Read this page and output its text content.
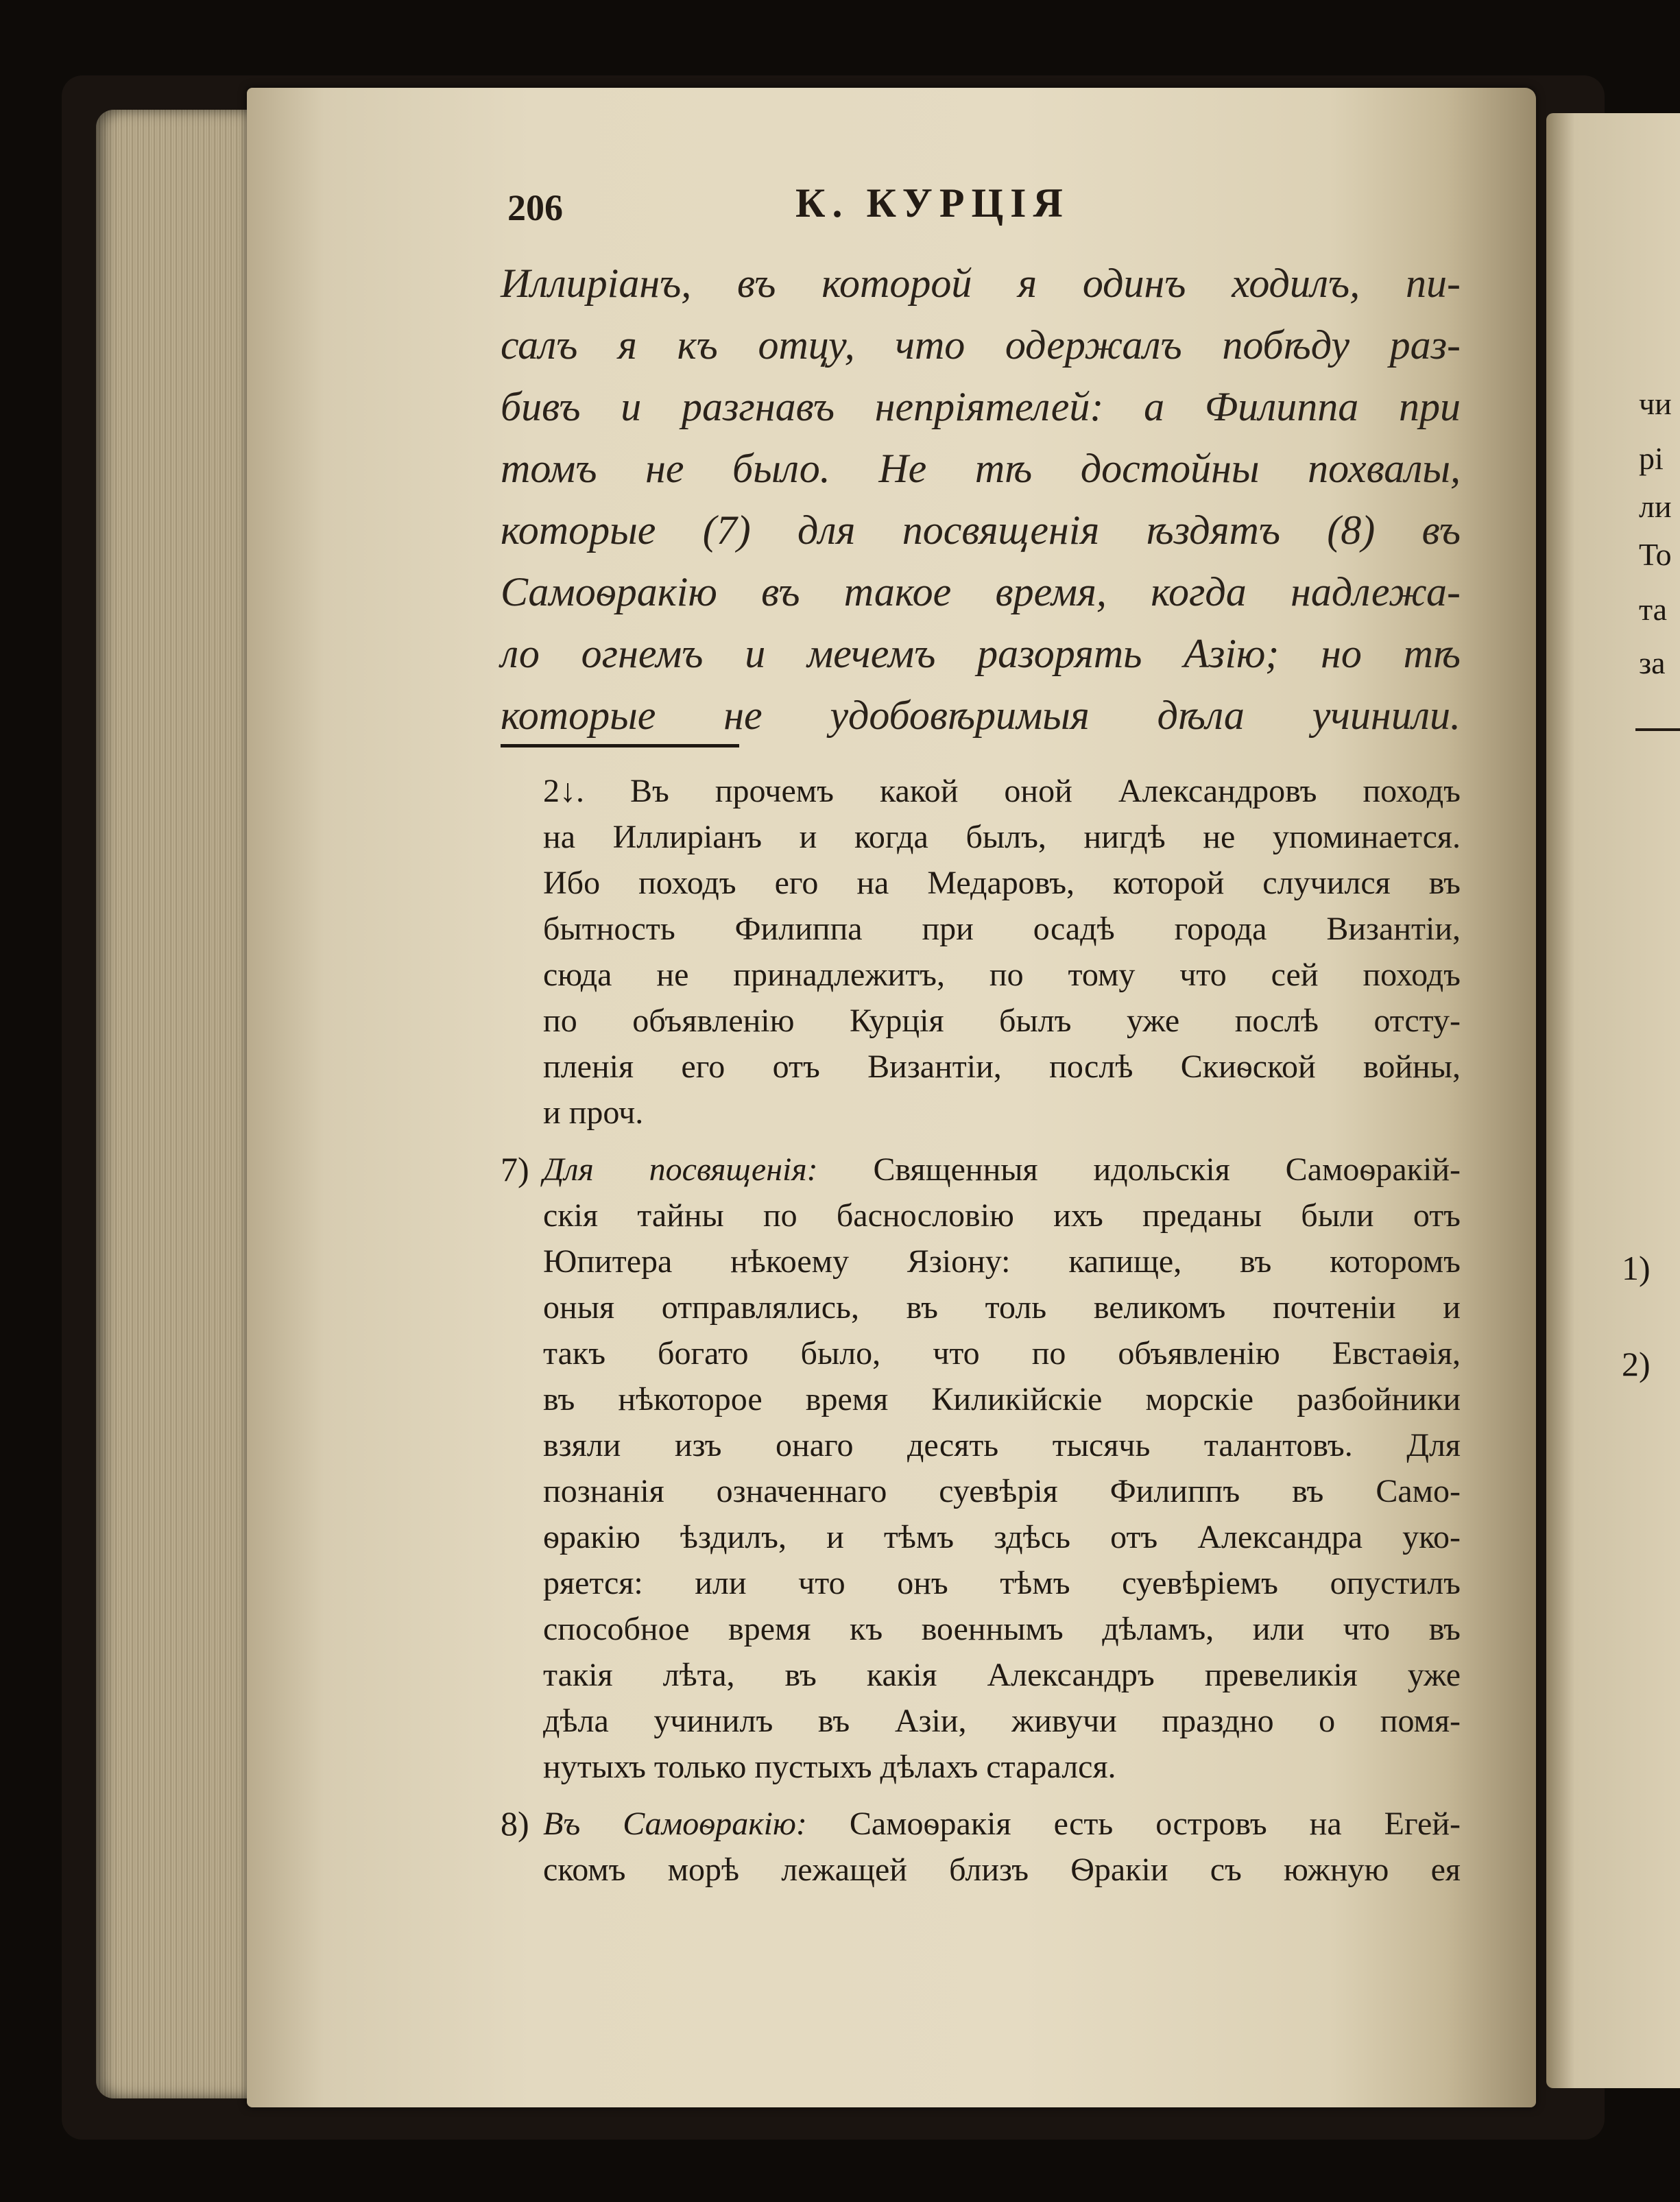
чи
рі
ли
То
та
за
1)
2)
206	К. КУРЦІЯ
Иллиріанъ, въ которой я одинъ ходилъ, пи-
салъ я къ отцу, что одержалъ побѣду раз-
бивъ и разгнавъ непріятелей: а Филиппа при
томъ не было. Не тѣ достойны похвалы,
которые (7) для посвященія ѣздятъ (8) въ
Самоѳракію въ такое время, когда надлежа-
ло огнемъ и мечемъ разорять Азію; но тѣ
которые не удобовѣримыя дѣла учинили.
2↓. Въ прочемъ какой оной Александровъ походъ
на Иллиріанъ и когда былъ, нигдѣ не упоминается.
Ибо походъ его на Медаровъ, которой случился въ
бытность Филиппа при осадѣ города Византіи,
сюда не принадлежитъ, по тому что сей походъ
по объявленію Курція былъ уже послѣ отсту-
пленія его отъ Византіи, послѣ Скиѳской войны,
и проч.
7) Для посвященія: Священныя идольскія Самоѳракій-
скія тайны по баснословію ихъ преданы были отъ
Юпитера нѣкоему Язіону: капище, въ которомъ
оныя отправлялись, въ толь великомъ почтеніи и
такъ богато было, что по объявленію Евстаѳія,
въ нѣкоторое время Киликійскіе морскіе разбойники
взяли изъ онаго десять тысячь талантовъ. Для
познанія означеннаго суевѣрія Филиппъ въ Само-
ѳракію ѣздилъ, и тѣмъ здѣсь отъ Александра уко-
ряется: или что онъ тѣмъ суевѣріемъ опустилъ
способное время къ военнымъ дѣламъ, или что въ
такія лѣта, въ какія Александръ превеликія уже
дѣла учинилъ въ Азіи, живучи праздно о помя-
нутыхъ только пустыхъ дѣлахъ старался.
8) Въ Самоѳракію: Самоѳракія есть островъ на Егей-
скомъ морѣ лежащей близъ Ѳракіи съ южную ея
